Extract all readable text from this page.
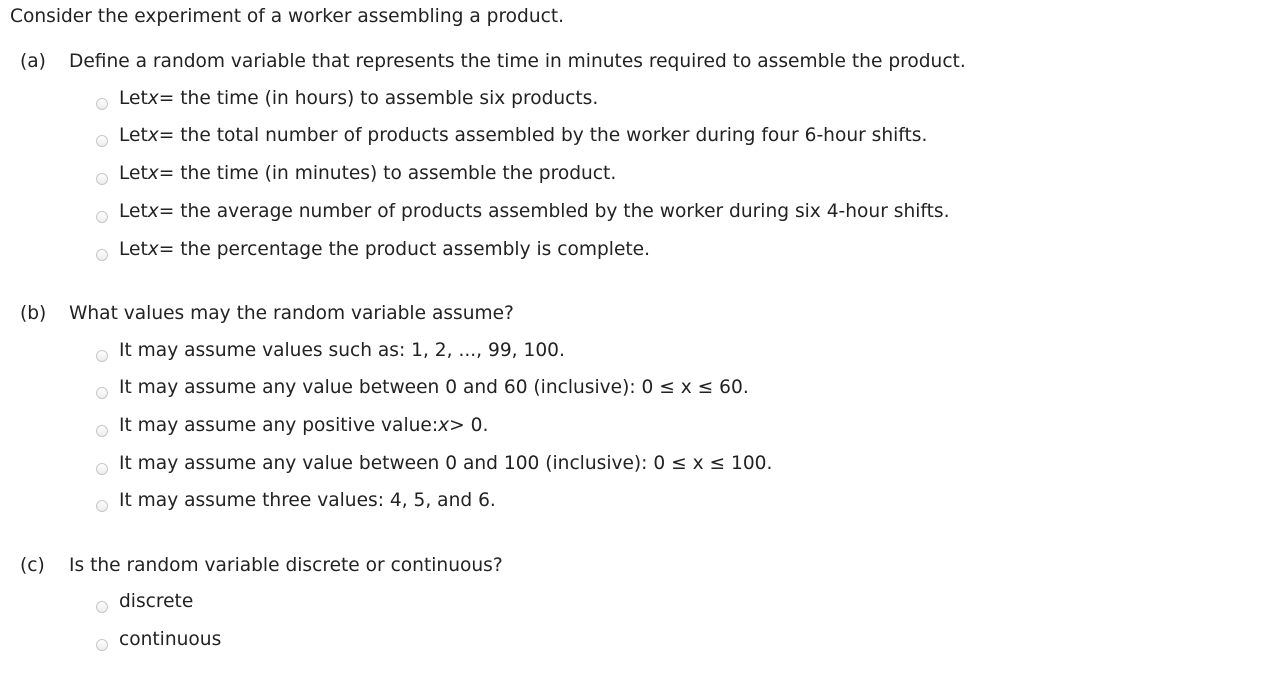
Consider the experiment of a worker assembling a product.
(a) Define a random variable that represents the time in minutes required to assemble the product.
Let x = the time (in hours) to assemble six products.
Let x = the total number of products assembled by the worker during four 6-hour shifts.
Let x = the time (in minutes) to assemble the product.
Let x = the average number of products assembled by the worker during six 4-hour shifts.
Let x = the percentage the product assembly is complete.
(b) What values may the random variable assume?
It may assume values such as: 1, 2, ..., 99, 100.
It may assume any value between 0 and 60 (inclusive): 0 ≤ x ≤ 60.
It may assume any positive value: x > 0.
It may assume any value between 0 and 100 (inclusive): 0 ≤ x ≤ 100.
It may assume three values: 4, 5, and 6.
(c) Is the random variable discrete or continuous?
discrete
continuous
